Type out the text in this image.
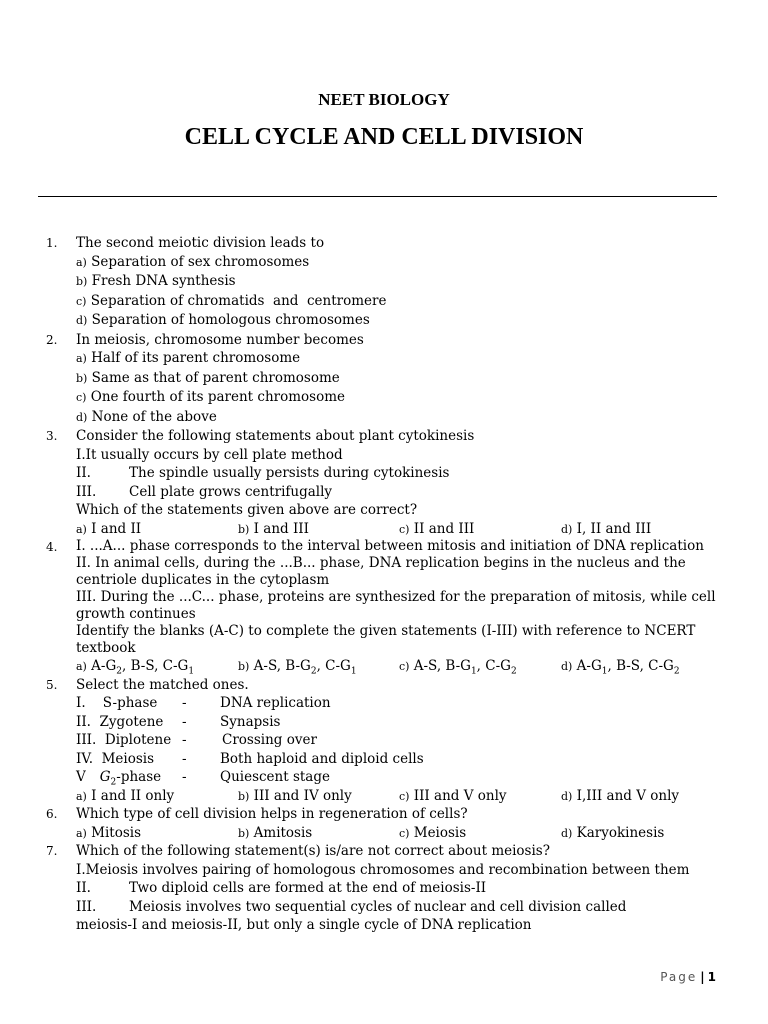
NEET BIOLOGY
CELL CYCLE AND CELL DIVISION
1. The second meiotic division leads to
a) Separation of sex chromosomes
b) Fresh DNA synthesis
c) Separation of chromatids  and  centromere
d) Separation of homologous chromosomes
2. In meiosis, chromosome number becomes
a) Half of its parent chromosome
b) Same as that of parent chromosome
c) One fourth of its parent chromosome
d) None of the above
3. Consider the following statements about plant cytokinesis
I.It usually occurs by cell plate method
II.	The spindle usually persists during cytokinesis
III. Cell plate grows centrifugally
Which of the statements given above are correct?
a) I and II	b) I and III	c) II and III	d) I, II and III
4. I. ...A... phase corresponds to the interval between mitosis and initiation of DNA replication
II. In animal cells, during the ...B... phase, DNA replication begins in the nucleus and the centriole duplicates in the cytoplasm
III. During the ...C... phase, proteins are synthesized for the preparation of mitosis, while cell growth continues
Identify the blanks (A-C) to complete the given statements (I-III) with reference to NCERT textbook
a) $A-G_2$, B-S, $C-G_1$	b) A-S, $B-G_2$, $C-G_1$	c) A-S, $B-G_1$, $C-G_2$	d) $A-G_1$, B-S, $C-G_2$
5. Select the matched ones.
I.    S-phase - DNA replication
II.  Zygotene - Synapsis
III.  Diplotene -	Crossing over
IV.  Meiosis - Both haploid and diploid cells
V $G_2$-phase - Quiescent stage
a) I and II only	b) III and IV only	c) III and V only	d) I,III and V only
6. Which type of cell division helps in regeneration of cells?
a) Mitosis	b) Amitosis	c) Meiosis	d) Karyokinesis
7. Which of the following statement(s) is/are not correct about meiosis?
I.Meiosis involves pairing of homologous chromosomes and recombination between them
II.	Two diploid cells are formed at the end of meiosis-II
III. Meiosis involves two sequential cycles of nuclear and cell division called
meiosis-I and meiosis-II, but only a single cycle of DNA replication
Page | 1
